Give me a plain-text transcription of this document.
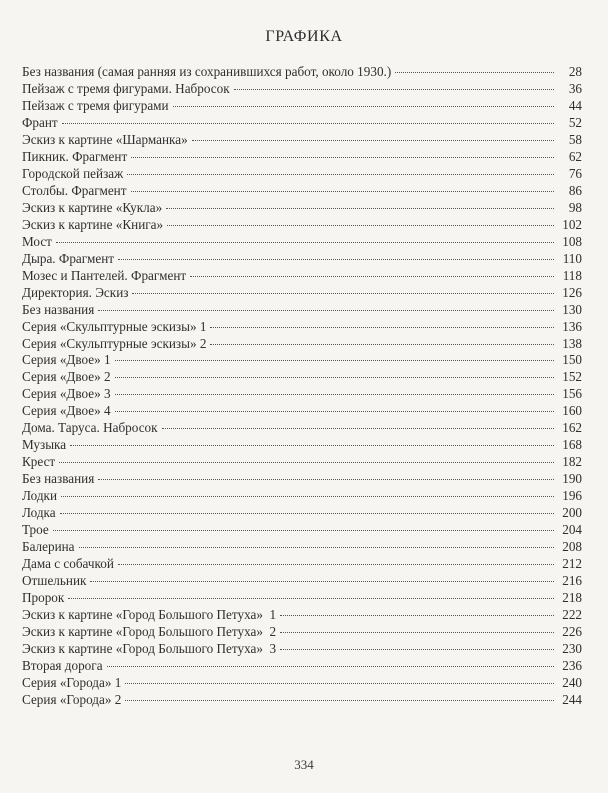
ГРАФИКА
Без названия (самая ранняя из сохранившихся работ, около 1930.)	28
Пейзаж с тремя фигурами. Набросок	36
Пейзаж с тремя фигурами	44
Франт	52
Эскиз к картине «Шарманка»	58
Пикник. Фрагмент	62
Городской пейзаж	76
Столбы. Фрагмент	86
Эскиз к картине «Кукла»	98
Эскиз к картине «Книга»	102
Мост	108
Дыра. Фрагмент	110
Мозес и Пантелей. Фрагмент	118
Директория. Эскиз	126
Без названия	130
Серия «Скульптурные эскизы» 1	136
Серия «Скульптурные эскизы» 2	138
Серия «Двое» 1	150
Серия «Двое» 2	152
Серия «Двое» 3	156
Серия «Двое» 4	160
Дома. Таруса. Набросок	162
Музыка	168
Крест	182
Без названия	190
Лодки	196
Лодка	200
Трое	204
Балерина	208
Дама с собачкой	212
Отшельник	216
Пророк	218
Эскиз к картине «Город Большого Петуха»  1	222
Эскиз к картине «Город Большого Петуха»  2	226
Эскиз к картине «Город Большого Петуха»  3	230
Вторая дорога	236
Серия «Города» 1	240
Серия «Города» 2	244
334
